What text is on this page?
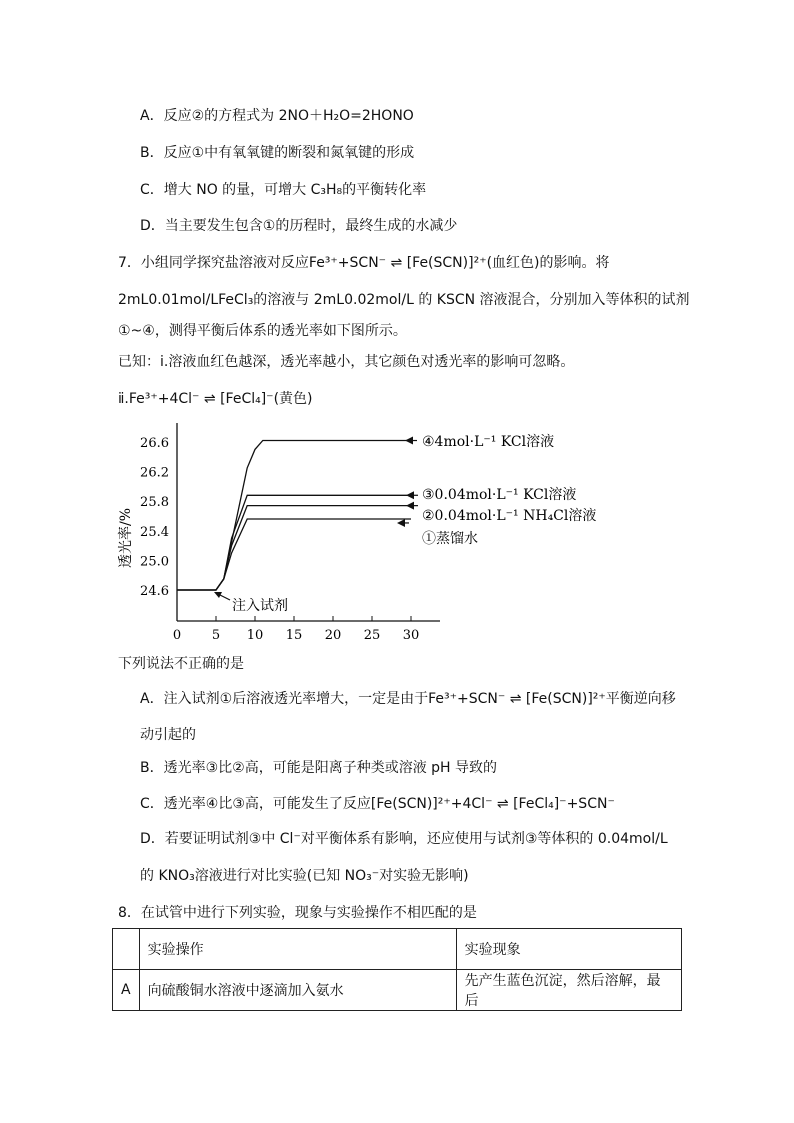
A．反应②的方程式为 2NO＋H₂O=2HONO
B．反应①中有氧氧键的断裂和氮氧键的形成
C．增大 NO 的量，可增大 C₃H₈的平衡转化率
D．当主要发生包含①的历程时，最终生成的水减少
7．小组同学探究盐溶液对反应Fe³⁺+SCN⁻ ⇌ [Fe(SCN)]²⁺(血红色)的影响。将
2mL0.01mol/LFeCl₃的溶液与 2mL0.02mol/L 的 KSCN 溶液混合，分别加入等体积的试剂
①~④，测得平衡后体系的透光率如下图所示。
已知：ⅰ.溶液血红色越深，透光率越小，其它颜色对透光率的影响可忽略。
ⅱ.Fe³⁺+4Cl⁻ ⇌ [FeCl₄]⁻(黄色)
0 5 10 15 20 25 30
24.6
25.0
25.4
25.8
26.2
26.6	④4mol·L⁻¹ KCl溶液
③0.04mol·L⁻¹ KCl溶液
②0.04mol·L⁻¹ NH₄Cl溶液
①蒸馏水
透光率/%
注入试剂
下列说法不正确的是
A．注入试剂①后溶液透光率增大，一定是由于Fe³⁺+SCN⁻ ⇌ [Fe(SCN)]²⁺平衡逆向移
动引起的
B．透光率③比②高，可能是阳离子种类或溶液 pH 导致的
C．透光率④比③高，可能发生了反应[Fe(SCN)]²⁺+4Cl⁻ ⇌ [FeCl₄]⁻+SCN⁻
D．若要证明试剂③中 Cl⁻对平衡体系有影响，还应使用与试剂③等体积的 0.04mol/L
的 KNO₃溶液进行对比实验(已知 NO₃⁻对实验无影响)
8．在试管中进行下列实验，现象与实验操作不相匹配的是
	实验操作	实验现象
A	向硫酸铜水溶液中逐滴加入氨水	先产生蓝色沉淀，然后溶解，最后
